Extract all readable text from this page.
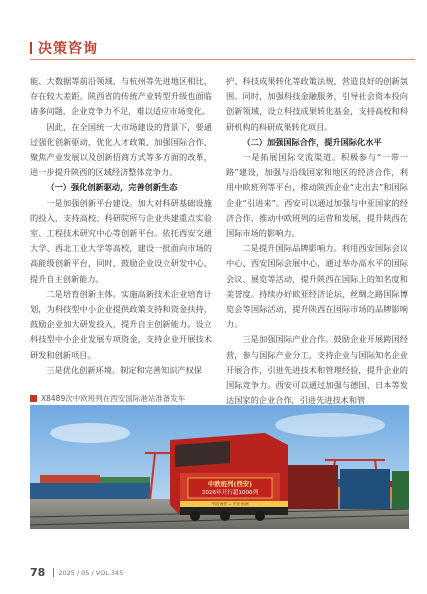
决策咨询

能、大数据等前沿领域，与杭州等先进地区相比，存在较大差距。陕西省的传统产业转型升级也面临诸多问题，企业竞争力不足，难以适应市场变化。

因此，在全国统一大市场建设的背景下，要通过强化创新驱动、优化人才政策、加强国际合作、聚焦产业发展以及创新招商方式等多方面的改革，进一步提升陕西的区域经济整体竞争力。

（一）强化创新驱动，完善创新生态

一是加强创新平台建设。加大对科研基础设施的投入，支持高校、科研院所与企业共建重点实验室、工程技术研究中心等创新平台。依托西安交通大学、西北工业大学等高校，建设一批面向市场的高能级创新平台，同时，鼓励企业设立研发中心，提升自主创新能力。

二是培育创新主体。实施高新技术企业培育计划，为科技型中小企业提供政策支持和资金扶持，鼓励企业加大研发投入，提升自主创新能力。设立科技型中小企业发展专项资金，支持企业开展技术研发和创新项目。

三是优化创新环境。制定和完善知识产权保

护、科技成果转化等政策法规，营造良好的创新氛围。同时，加强科技金融服务，引导社会资本投向创新领域，设立科技成果转化基金，支持高校和科研机构的科研成果转化项目。

（二）加强国际合作，提升国际化水平

一是拓展国际交流渠道。积极参与“一带一路”建设，加强与沿线国家和地区的经济合作，利用中欧班列等平台，推动陕西企业“走出去”和国际企业“引进来”。西安可以通过加强与中亚国家的经济合作，推动中欧班列的运营和发展，提升陕西在国际市场的影响力。

二是提升国际品牌影响力。利用西安国际会议中心、西安国际会展中心，通过举办高水平的国际会议、展览等活动，提升陕西在国际上的知名度和美誉度。持续办好欧亚经济论坛、丝绸之路国际博览会等国际活动，提升陕西在国际市场的品牌影响力。

三是加强国际产业合作。鼓励企业开展跨国经营，参与国际产业分工，支持企业与国际知名企业开展合作，引进先进技术和管理经验，提升企业的国际竞争力。西安可以通过加强与德国、日本等发达国家的企业合作，引进先进技术和管

X8489次中欧班列在西安国际港站准备发车
中欧班列(西安)
2026年开行超1000列
中国·西安 — 中亚·欧洲
78 2025 / 05 / VOL.345
